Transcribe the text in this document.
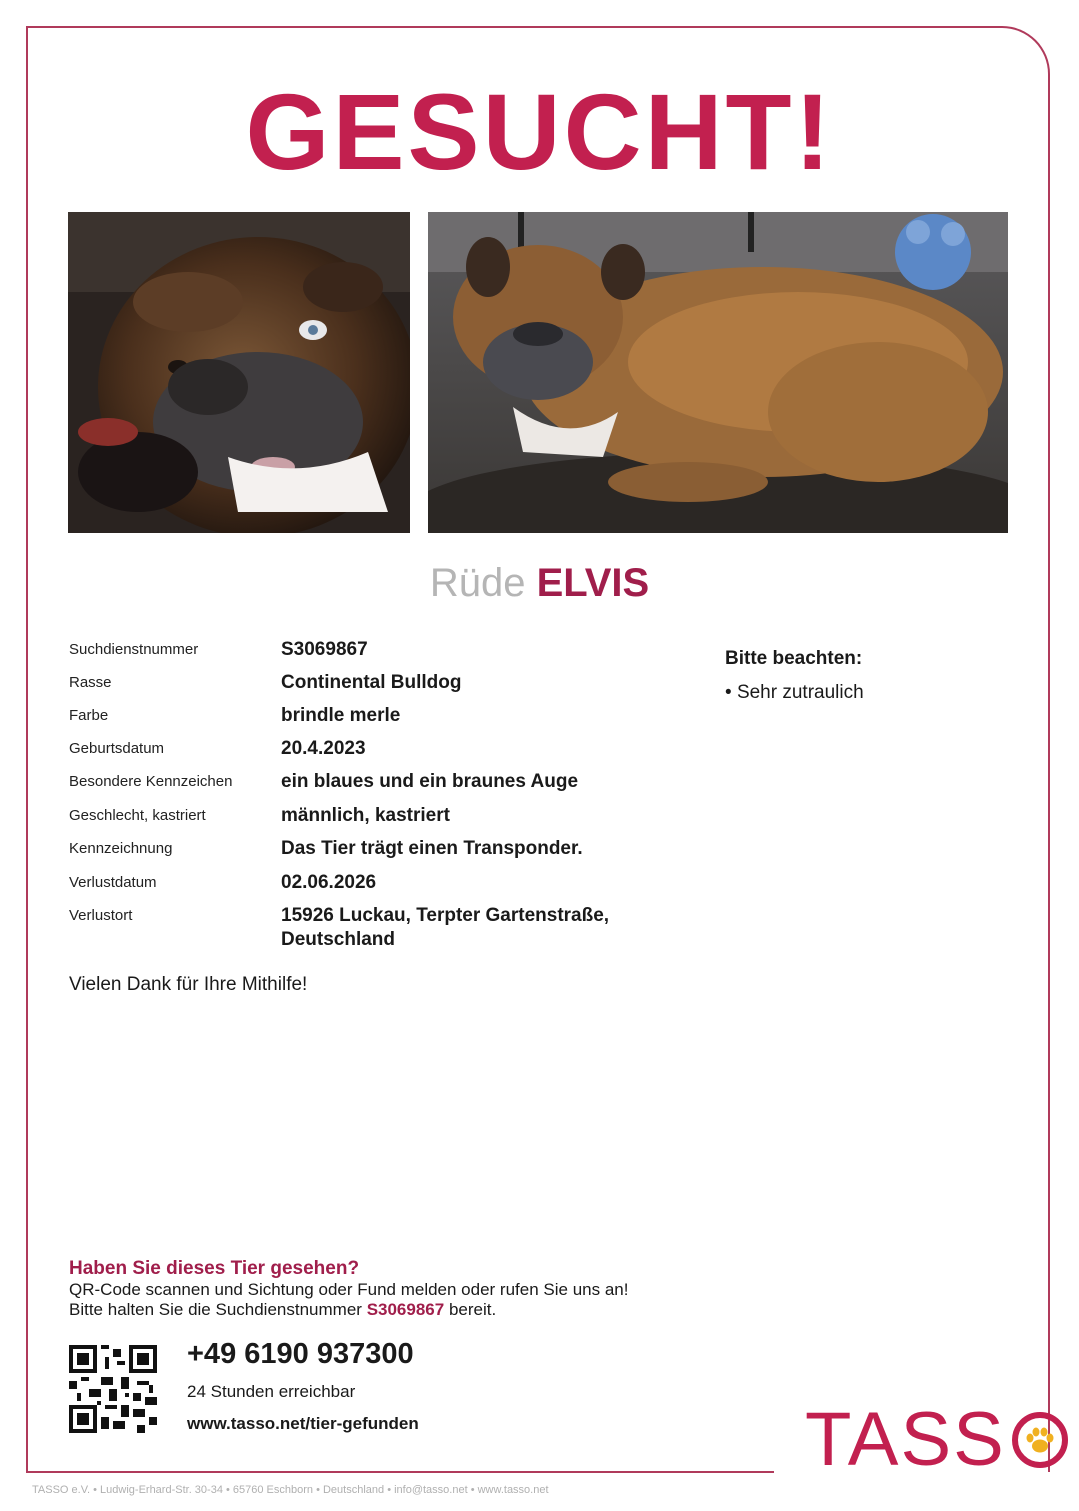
GESUCHT!
Rüde ELVIS
Suchdienstnummer	S3069867
Rasse	Continental Bulldog
Farbe	brindle merle
Geburtsdatum	20.4.2023
Besondere Kennzeichen	ein blaues und ein braunes Auge
Geschlecht, kastriert	männlich, kastriert
Kennzeichnung	Das Tier trägt einen Transponder.
Verlustdatum	02.06.2026
Verlustort	15926 Luckau, Terpter Gartenstraße, Deutschland
Bitte beachten:
• Sehr zutraulich
Vielen Dank für Ihre Mithilfe!
Haben Sie dieses Tier gesehen?
QR-Code scannen und Sichtung oder Fund melden oder rufen Sie uns an!
Bitte halten Sie die Suchdienstnummer S3069867 bereit.
+49 6190 937300
24 Stunden erreichbar
www.tasso.net/tier-gefunden	TASS
TASSO e.V. • Ludwig-Erhard-Str. 30-34 • 65760 Eschborn • Deutschland • info@tasso.net • www.tasso.net
